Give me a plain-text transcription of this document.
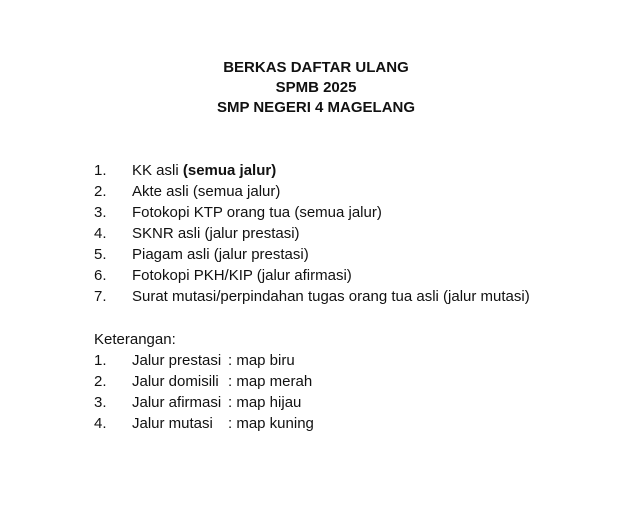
BERKAS DAFTAR ULANG
SPMB 2025
SMP NEGERI 4 MAGELANG
1.	KK asli (semua jalur)
2.	Akte asli (semua jalur)
3.	Fotokopi KTP orang tua (semua jalur)
4.	SKNR asli (jalur prestasi)
5.	Piagam asli (jalur prestasi)
6.	Fotokopi PKH/KIP (jalur afirmasi)
7.	Surat mutasi/perpindahan tugas orang tua asli (jalur mutasi)
Keterangan:
1.	Jalur prestasi : map biru
2.	Jalur domisili : map merah
3.	Jalur afirmasi : map hijau
4.	Jalur mutasi	: map kuning
